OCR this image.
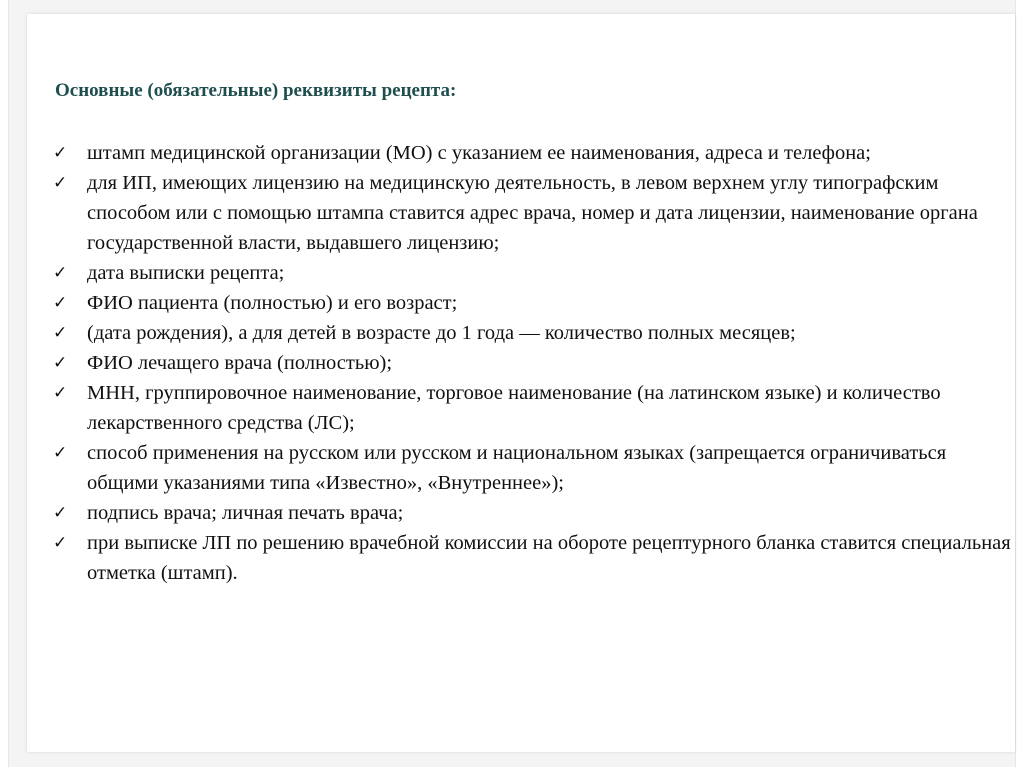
Основные (обязательные) реквизиты рецепта:
✓ штамп медицинской организации (МО) с указанием ее наименования, адреса и телефона;
✓ для ИП, имеющих лицензию на медицинскую деятельность, в левом верхнем углу типографским способом или с помощью штампа ставится адрес врача, номер и дата лицензии, наименование органа государственной власти, выдавшего лицензию;
✓ дата выписки рецепта;
✓ ФИО пациента (полностью) и его возраст;
✓ (дата рождения), а для детей в возрасте до 1 года — количество полных месяцев;
✓ ФИО лечащего врача (полностью);
✓ МНН, группировочное наименование, торговое наименование (на латинском языке) и количество лекарственного средства (ЛС);
✓ способ применения на русском или русском и национальном языках (запрещается ограничиваться общими указаниями типа «Известно», «Внутреннее»);
✓ подпись врача; личная печать врача;
✓ при выписке ЛП по решению врачебной комиссии на обороте рецептурного бланка ставится специальная отметка (штамп).
